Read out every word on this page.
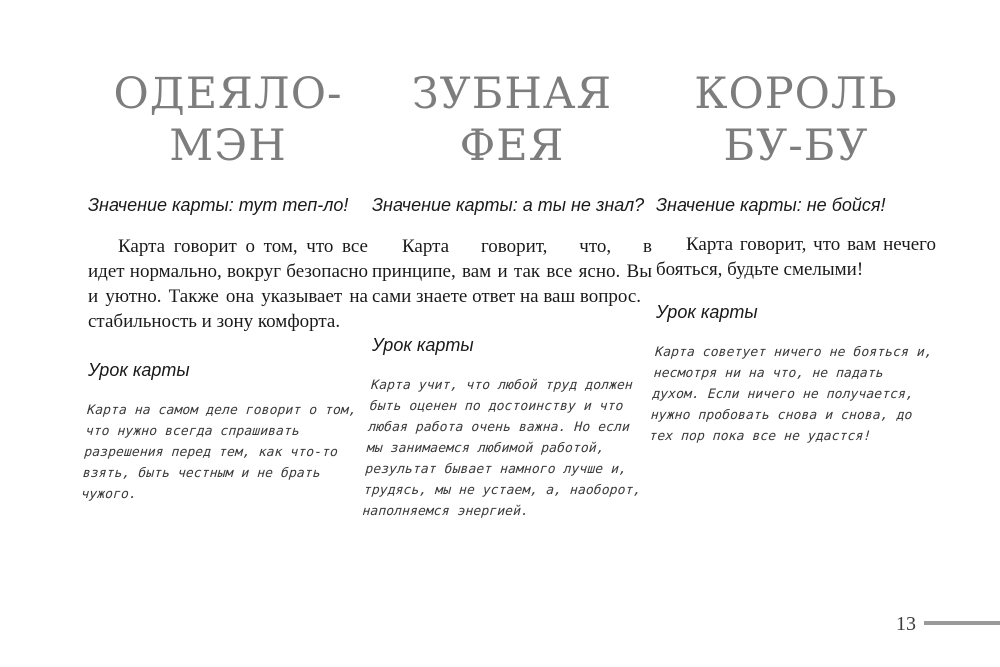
ОДЕЯЛО-
МЭН

Значение карты: тут теп-ло!

Карта говорит о том, что все идет нормально, вокруг безопасно и уютно. Также она указывает на стабильность и зону комфорта.

Урок карты

Карта на самом деле говорит о том, что нужно всегда спрашивать разрешения перед тем, как что-то взять, быть честным и не брать чужого.

ЗУБНАЯ
ФЕЯ

Значение карты: а ты не знал?

Карта говорит, что, в принципе, вам и так все ясно. Вы сами знаете ответ на ваш вопрос.

Урок карты

Карта учит, что любой труд должен быть оценен по достоинству и что любая работа очень важна. Но если мы занимаемся любимой работой, результат бывает намного лучше и, трудясь, мы не устаем, а, наоборот, наполняемся энергией.

КОРОЛЬ
БУ-БУ

Значение карты: не бойся!

Карта говорит, что вам нечего бояться, будьте смелыми!

Урок карты

Карта советует ничего не бояться и, несмотря ни на что, не падать духом. Если ничего не получается, нужно пробовать снова и снова, до тех пор пока все не удастся!

13
